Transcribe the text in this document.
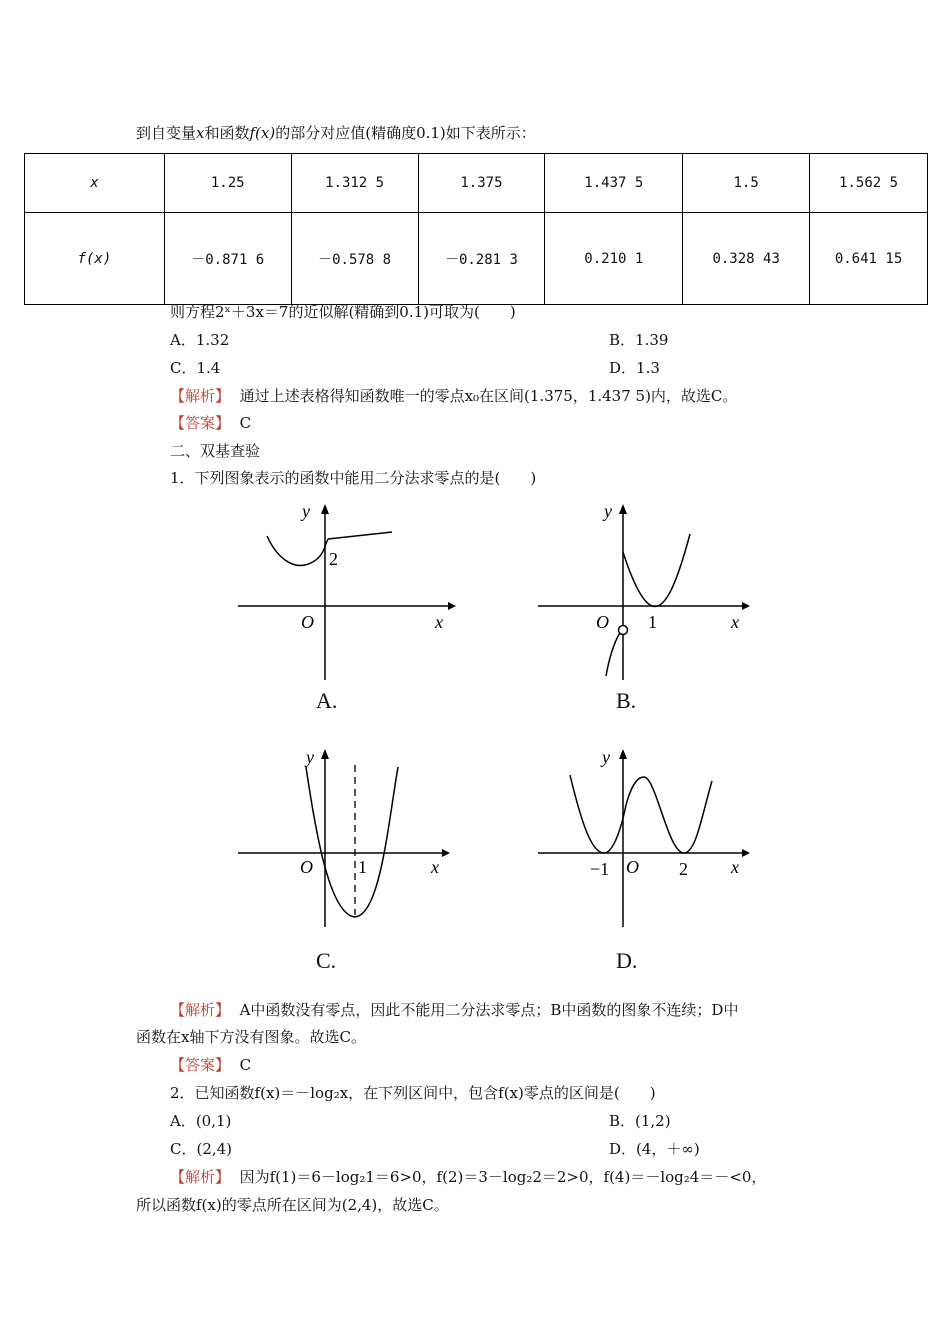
到自变量x和函数f(x)的部分对应值(精确度0.1)如下表所示：
x	1.25	1.312 5	1.375	1.437 5	1.5	1.562 5
f(x)	－0.871 6	－0.578 8	－0.281 3	0.210 1	0.328 43	0.641 15
则方程2ˣ＋3x＝7的近似解(精确到0.1)可取为(　　)
A．1.32	B．1.39
C．1.4	D．1.3
【解析】 通过上述表格得知函数唯一的零点x₀在区间(1.375，1.437 5)内，故选C。
【答案】 C
二、双基查验
1．下列图象表示的函数中能用二分法求零点的是(　　)
y
x
O
2
A.
y
x
O 1
B.
y
x
O	1
C.
y
x
O
−1	2
D.
【解析】 A中函数没有零点，因此不能用二分法求零点；B中函数的图象不连续；D中
函数在x轴下方没有图象。故选C。
【答案】 C
2．已知函数f(x)＝－log₂x，在下列区间中，包含f(x)零点的区间是(　　)
A．(0,1)	B．(1,2)
C．(2,4)	D．(4，＋∞)
【解析】 因为f(1)＝6－log₂1＝6>0，f(2)＝3－log₂2＝2>0，f(4)＝－log₂4＝－<0，
所以函数f(x)的零点所在区间为(2,4)，故选C。
